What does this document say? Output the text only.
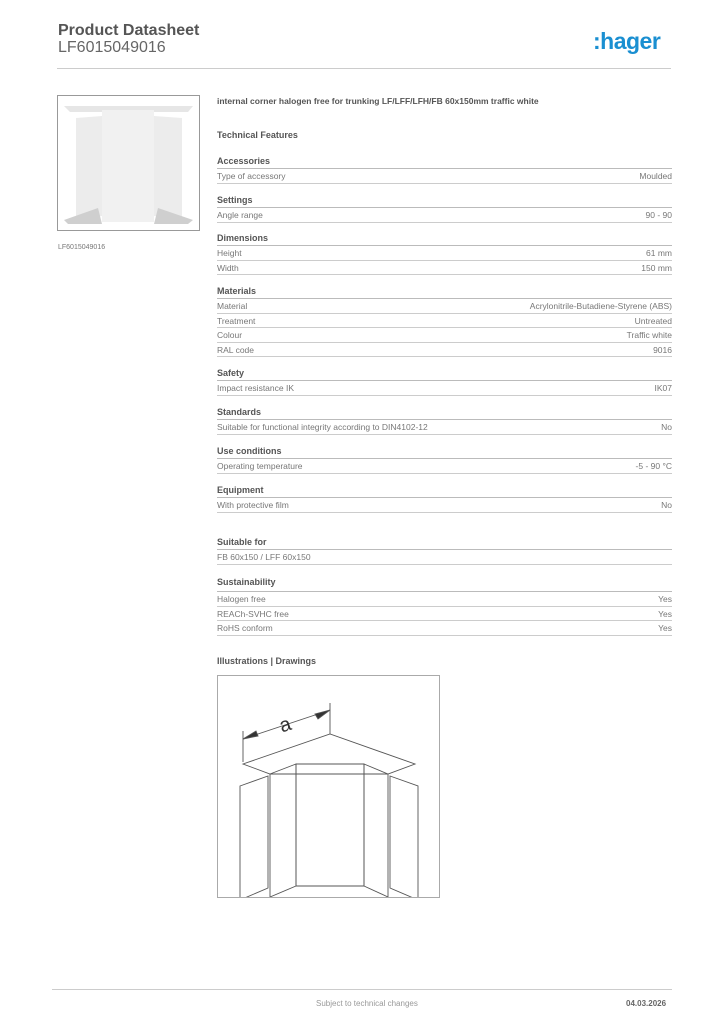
Product Datasheet
LF6015049016	:hager
LF6015049016
internal corner halogen free for trunking LF/LFF/LFH/FB 60x150mm traffic white
Technical Features
Accessories
Type of accessory	Moulded
Settings
Angle range	90 - 90
Dimensions
Height	61 mm
Width	150 mm
Materials
Material	Acrylonitrile-Butadiene-Styrene (ABS)
Treatment	Untreated
Colour	Traffic white
RAL code	9016
Safety
Impact resistance IK	IK07
Standards
Suitable for functional integrity according to DIN4102-12	No
Use conditions
Operating temperature	-5 - 90 °C
Equipment
With protective film	No
Suitable for
FB 60x150 / LFF 60x150
Sustainability
Halogen free	Yes
REACh-SVHC free	Yes
RoHS conform	Yes
Illustrations | Drawings
a
Subject to technical changes	04.03.2026
